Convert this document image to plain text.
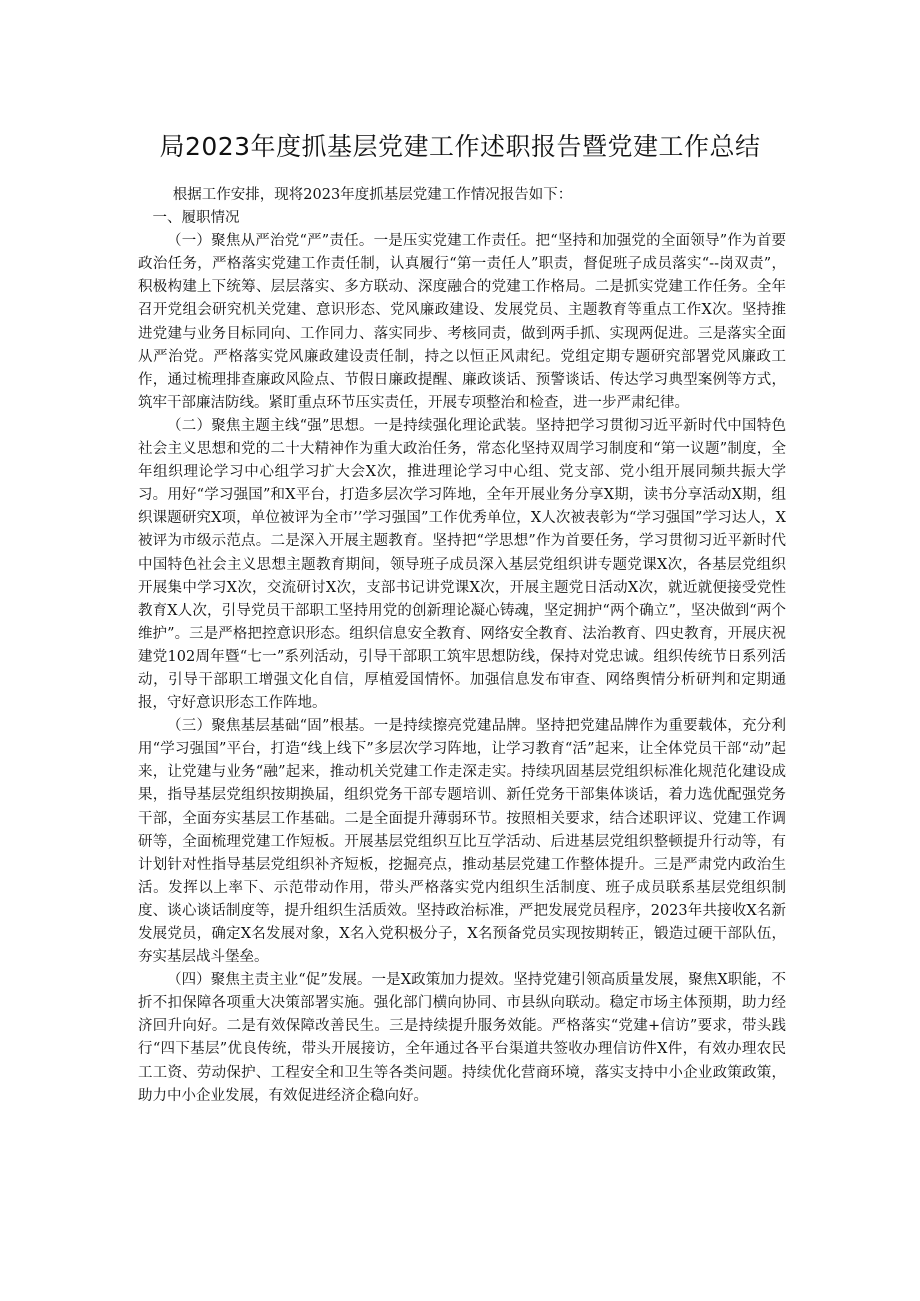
局2023年度抓基层党建工作述职报告暨党建工作总结

根据工作安排，现将2023年度抓基层党建工作情况报告如下：

一、履职情况

（一）聚焦从严治党“严”责任。一是压实党建工作责任。把“坚持和加强党的全面领导”作为首要政治任务，严格落实党建工作责任制，认真履行“第一责任人”职责，督促班子成员落实“--岗双责”，积极构建上下统筹、层层落实、多方联动、深度融合的党建工作格局。二是抓实党建工作任务。全年召开党组会研究机关党建、意识形态、党风廉政建设、发展党员、主题教育等重点工作X次。坚持推进党建与业务目标同向、工作同力、落实同步、考核同责，做到两手抓、实现两促进。三是落实全面从严治党。严格落实党风廉政建设责任制，持之以恒正风肃纪。党组定期专题研究部署党风廉政工作，通过梳理排查廉政风险点、节假日廉政提醒、廉政谈话、预警谈话、传达学习典型案例等方式，筑牢干部廉洁防线。紧盯重点环节压实责任，开展专项整治和检查，进一步严肃纪律。

（二）聚焦主题主线“强”思想。一是持续强化理论武装。坚持把学习贯彻习近平新时代中国特色社会主义思想和党的二十大精神作为重大政治任务，常态化坚持双周学习制度和“第一议题”制度，全年组织理论学习中心组学习扩大会X次，推进理论学习中心组、党支部、党小组开展同频共振大学习。用好“学习强国”和X平台，打造多层次学习阵地，全年开展业务分享X期，读书分享活动X期，组织课题研究X项，单位被评为全市’’学习强国”工作优秀单位，X人次被表彰为“学习强国”学习达人，X被评为市级示范点。二是深入开展主题教育。坚持把“学思想”作为首要任务，学习贯彻习近平新时代中国特色社会主义思想主题教育期间，领导班子成员深入基层党组织讲专题党课X次，各基层党组织开展集中学习X次，交流研讨X次，支部书记讲党课X次，开展主题党日活动X次，就近就便接受党性教育X人次，引导党员干部职工坚持用党的创新理论凝心铸魂，坚定拥护“两个确立”，坚决做到“两个维护”。三是严格把控意识形态。组织信息安全教育、网络安全教育、法治教育、四史教育，开展庆祝建党102周年暨“七一”系列活动，引导干部职工筑牢思想防线，保持对党忠诚。组织传统节日系列活动，引导干部职工增强文化自信，厚植爱国情怀。加强信息发布审查、网络舆情分析研判和定期通报，守好意识形态工作阵地。

（三）聚焦基层基础“固”根基。一是持续擦亮党建品牌。坚持把党建品牌作为重要载体，充分利用“学习强国”平台，打造“线上线下”多层次学习阵地，让学习教育“活”起来，让全体党员干部“动”起来，让党建与业务“融”起来，推动机关党建工作走深走实。持续巩固基层党组织标准化规范化建设成果，指导基层党组织按期换届，组织党务干部专题培训、新任党务干部集体谈话，着力选优配强党务干部，全面夯实基层工作基础。二是全面提升薄弱环节。按照相关要求，结合述职评议、党建工作调研等，全面梳理党建工作短板。开展基层党组织互比互学活动、后进基层党组织整顿提升行动等，有计划针对性指导基层党组织补齐短板，挖掘亮点，推动基层党建工作整体提升。三是严肃党内政治生活。发挥以上率下、示范带动作用，带头严格落实党内组织生活制度、班子成员联系基层党组织制度、谈心谈话制度等，提升组织生活质效。坚持政治标准，严把发展党员程序，2023年共接收X名新发展党员，确定X名发展对象，X名入党积极分子，X名预备党员实现按期转正，锻造过硬干部队伍，夯实基层战斗堡垒。

（四）聚焦主责主业“促”发展。一是X政策加力提效。坚持党建引领高质量发展，聚焦X职能，不折不扣保障各项重大决策部署实施。强化部门横向协同、市县纵向联动。稳定市场主体预期，助力经济回升向好。二是有效保障改善民生。三是持续提升服务效能。严格落实“党建+信访”要求，带头践行“四下基层”优良传统，带头开展接访，全年通过各平台渠道共签收办理信访件X件，有效办理农民工工资、劳动保护、工程安全和卫生等各类问题。持续优化营商环境，落实支持中小企业政策政策，助力中小企业发展，有效促进经济企稳向好。
